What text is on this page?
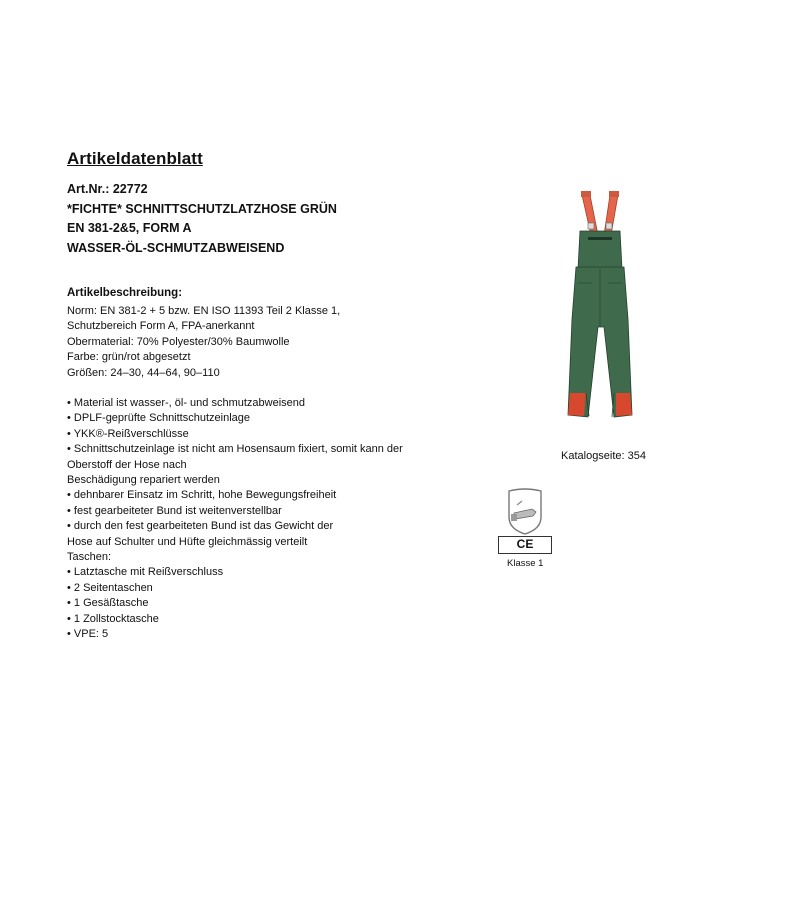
Artikeldatenblatt
Art.Nr.: 22772
*FICHTE* SCHNITTSCHUTZLATZHOSE GRÜN
EN 381-2&5, FORM A
WASSER-ÖL-SCHMUTZABWEISEND
Artikelbeschreibung:
Norm: EN 381-2 + 5 bzw. EN ISO 11393 Teil 2 Klasse 1,
Schutzbereich Form A, FPA-anerkannt
Obermaterial: 70% Polyester/30% Baumwolle
Farbe: grün/rot abgesetzt
Größen: 24–30, 44–64, 90–110
• Material ist wasser-, öl- und schmutzabweisend
• DPLF-geprüfte Schnittschutzeinlage
• YKK®-Reißverschlüsse
• Schnittschutzeinlage ist nicht am Hosensaum fixiert, somit kann der
Oberstoff der Hose nach
Beschädigung repariert werden
• dehnbarer Einsatz im Schritt, hohe Bewegungsfreiheit
• fest gearbeiteter Bund ist weitenverstellbar
• durch den fest gearbeiteten Bund ist das Gewicht der
Hose auf Schulter und Hüfte gleichmässig verteilt
Taschen:
• Latztasche mit Reißverschluss
• 2 Seitentaschen
• 1 Gesäßtasche
• 1 Zollstocktasche
• VPE: 5
Katalogseite: 354
CE
Klasse 1
